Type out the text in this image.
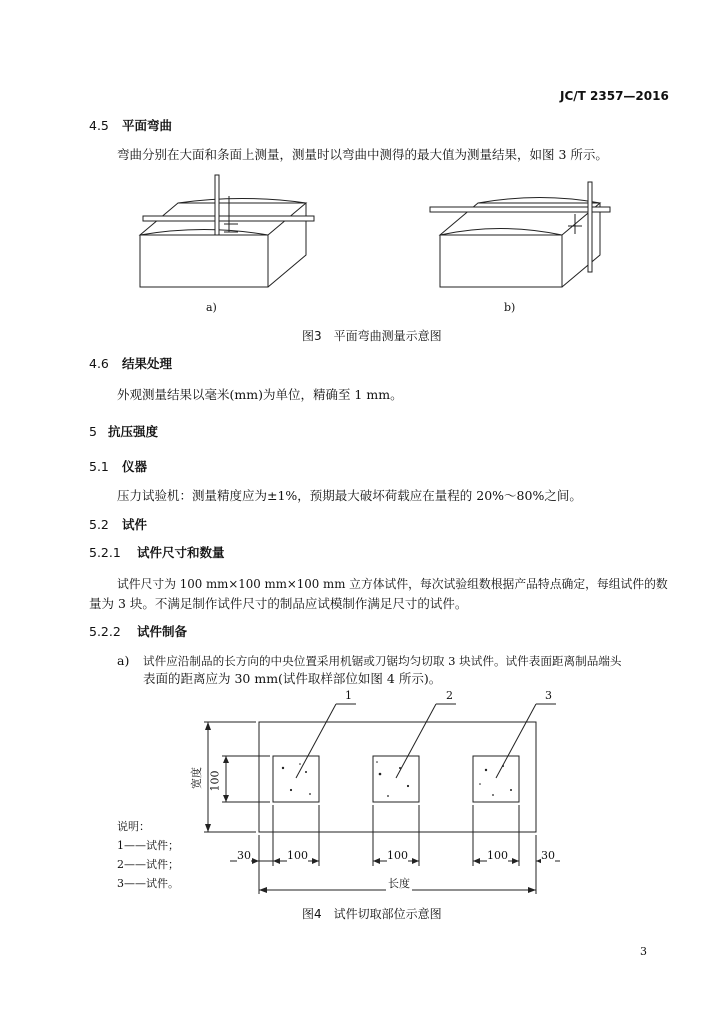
JC/T 2357—2016
4.5 平面弯曲
弯曲分别在大面和条面上测量，测量时以弯曲中测得的最大值为测量结果，如图 3 所示。
a)	b)
图3　平面弯曲测量示意图
4.6 结果处理
外观测量结果以毫米(mm)为单位，精确至 1 mm。
5 抗压强度
5.1 仪器
压力试验机：测量精度应为±1%，预期最大破坏荷载应在量程的 20%～80%之间。
5.2 试件
5.2.1 试件尺寸和数量
试件尺寸为 100 mm×100 mm×100 mm 立方体试件，每次试验组数根据产品特点确定，每组试件的数
量为 3 块。不满足制作试件尺寸的制品应试模制作满足尺寸的试件。
5.2.2 试件制备
a) 试件应沿制品的长方向的中央位置采用机锯或刀锯均匀切取 3 块试件。试件表面距离制品端头
表面的距离应为 30 mm(试件取样部位如图 4 所示)。
1	2	3
宽度 100
30	100	100	100	30
长度
说明：
1——试件；
2——试件；
3——试件。
图4　试件切取部位示意图
3
